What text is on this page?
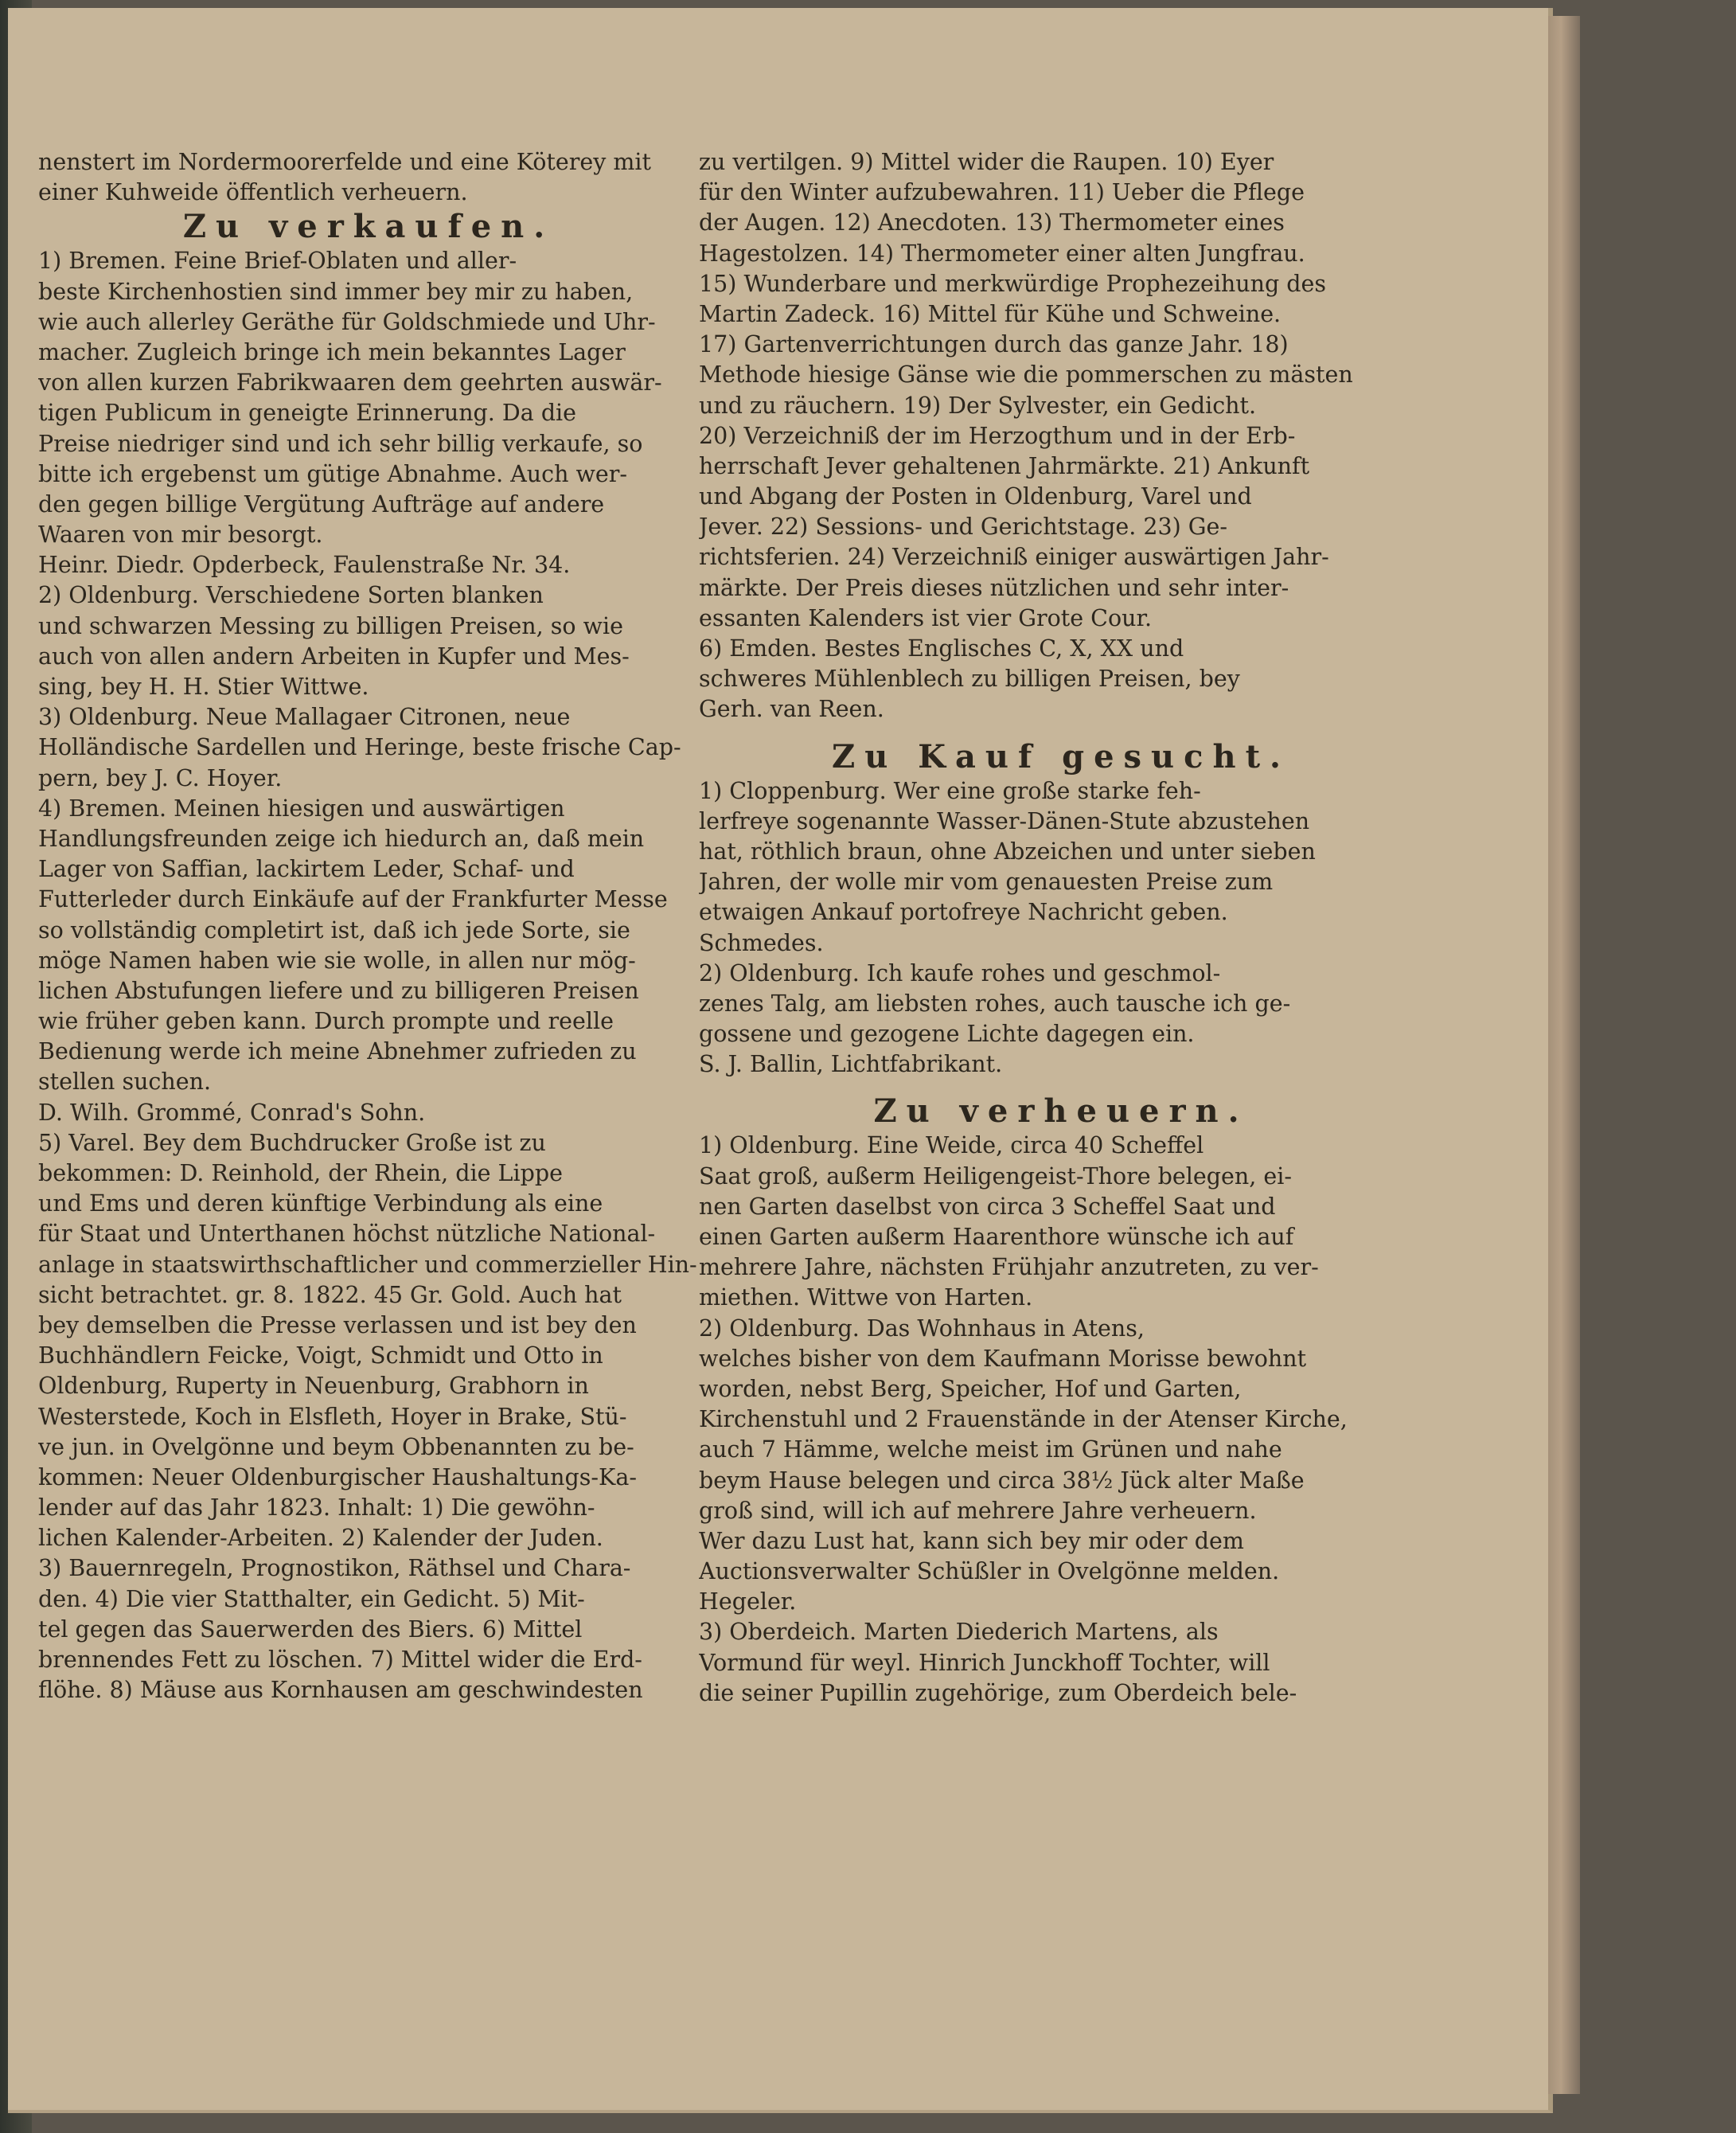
nenstert im Nordermoorerfelde und eine Köterey mit
einer Kuhweide öffentlich verheuern.
Zu verkaufen.
1) Bremen. Feine Brief-Oblaten und aller-
beste Kirchenhostien sind immer bey mir zu haben,
wie auch allerley Geräthe für Goldschmiede und Uhr-
macher. Zugleich bringe ich mein bekanntes Lager
von allen kurzen Fabrikwaaren dem geehrten auswär-
tigen Publicum in geneigte Erinnerung. Da die
Preise niedriger sind und ich sehr billig verkaufe, so
bitte ich ergebenst um gütige Abnahme. Auch wer-
den gegen billige Vergütung Aufträge auf andere
Waaren von mir besorgt.
Heinr. Diedr. Opderbeck, Faulenstraße Nr. 34.
2) Oldenburg. Verschiedene Sorten blanken
und schwarzen Messing zu billigen Preisen, so wie
auch von allen andern Arbeiten in Kupfer und Mes-
sing, bey H. H. Stier Wittwe.
3) Oldenburg. Neue Mallagaer Citronen, neue
Holländische Sardellen und Heringe, beste frische Cap-
pern, bey J. C. Hoyer.
4) Bremen. Meinen hiesigen und auswärtigen
Handlungsfreunden zeige ich hiedurch an, daß mein
Lager von Saffian, lackirtem Leder, Schaf- und
Futterleder durch Einkäufe auf der Frankfurter Messe
so vollständig completirt ist, daß ich jede Sorte, sie
möge Namen haben wie sie wolle, in allen nur mög-
lichen Abstufungen liefere und zu billigeren Preisen
wie früher geben kann. Durch prompte und reelle
Bedienung werde ich meine Abnehmer zufrieden zu
stellen suchen.
D. Wilh. Grommé, Conrad's Sohn.
5) Varel. Bey dem Buchdrucker Große ist zu
bekommen: D. Reinhold, der Rhein, die Lippe
und Ems und deren künftige Verbindung als eine
für Staat und Unterthanen höchst nützliche National-
anlage in staatswirthschaftlicher und commerzieller Hin-
sicht betrachtet. gr. 8. 1822. 45 Gr. Gold. Auch hat
bey demselben die Presse verlassen und ist bey den
Buchhändlern Feicke, Voigt, Schmidt und Otto in
Oldenburg, Ruperty in Neuenburg, Grabhorn in
Westerstede, Koch in Elsfleth, Hoyer in Brake, Stü-
ve jun. in Ovelgönne und beym Obbenannten zu be-
kommen: Neuer Oldenburgischer Haushaltungs-Ka-
lender auf das Jahr 1823. Inhalt: 1) Die gewöhn-
lichen Kalender-Arbeiten. 2) Kalender der Juden.
3) Bauernregeln, Prognostikon, Räthsel und Chara-
den. 4) Die vier Statthalter, ein Gedicht. 5) Mit-
tel gegen das Sauerwerden des Biers. 6) Mittel
brennendes Fett zu löschen. 7) Mittel wider die Erd-
flöhe. 8) Mäuse aus Kornhausen am geschwindesten
zu vertilgen. 9) Mittel wider die Raupen. 10) Eyer
für den Winter aufzubewahren. 11) Ueber die Pflege
der Augen. 12) Anecdoten. 13) Thermometer eines
Hagestolzen. 14) Thermometer einer alten Jungfrau.
15) Wunderbare und merkwürdige Prophezeihung des
Martin Zadeck. 16) Mittel für Kühe und Schweine.
17) Gartenverrichtungen durch das ganze Jahr. 18)
Methode hiesige Gänse wie die pommerschen zu mästen
und zu räuchern. 19) Der Sylvester, ein Gedicht.
20) Verzeichniß der im Herzogthum und in der Erb-
herrschaft Jever gehaltenen Jahrmärkte. 21) Ankunft
und Abgang der Posten in Oldenburg, Varel und
Jever. 22) Sessions- und Gerichtstage. 23) Ge-
richtsferien. 24) Verzeichniß einiger auswärtigen Jahr-
märkte. Der Preis dieses nützlichen und sehr inter-
essanten Kalenders ist vier Grote Cour.
6) Emden. Bestes Englisches C, X, XX und
schweres Mühlenblech zu billigen Preisen, bey
Gerh. van Reen.
Zu Kauf gesucht.
1) Cloppenburg. Wer eine große starke feh-
lerfreye sogenannte Wasser-Dänen-Stute abzustehen
hat, röthlich braun, ohne Abzeichen und unter sieben
Jahren, der wolle mir vom genauesten Preise zum
etwaigen Ankauf portofreye Nachricht geben.
Schmedes.
2) Oldenburg. Ich kaufe rohes und geschmol-
zenes Talg, am liebsten rohes, auch tausche ich ge-
gossene und gezogene Lichte dagegen ein.
S. J. Ballin, Lichtfabrikant.
Zu verheuern.
1) Oldenburg. Eine Weide, circa 40 Scheffel
Saat groß, außerm Heiligengeist-Thore belegen, ei-
nen Garten daselbst von circa 3 Scheffel Saat und
einen Garten außerm Haarenthore wünsche ich auf
mehrere Jahre, nächsten Frühjahr anzutreten, zu ver-
miethen. Wittwe von Harten.
2) Oldenburg. Das Wohnhaus in Atens,
welches bisher von dem Kaufmann Morisse bewohnt
worden, nebst Berg, Speicher, Hof und Garten,
Kirchenstuhl und 2 Frauenstände in der Atenser Kirche,
auch 7 Hämme, welche meist im Grünen und nahe
beym Hause belegen und circa 38½ Jück alter Maße
groß sind, will ich auf mehrere Jahre verheuern.
Wer dazu Lust hat, kann sich bey mir oder dem
Auctionsverwalter Schüßler in Ovelgönne melden.
Hegeler.
3) Oberdeich. Marten Diederich Martens, als
Vormund für weyl. Hinrich Junckhoff Tochter, will
die seiner Pupillin zugehörige, zum Oberdeich bele-
